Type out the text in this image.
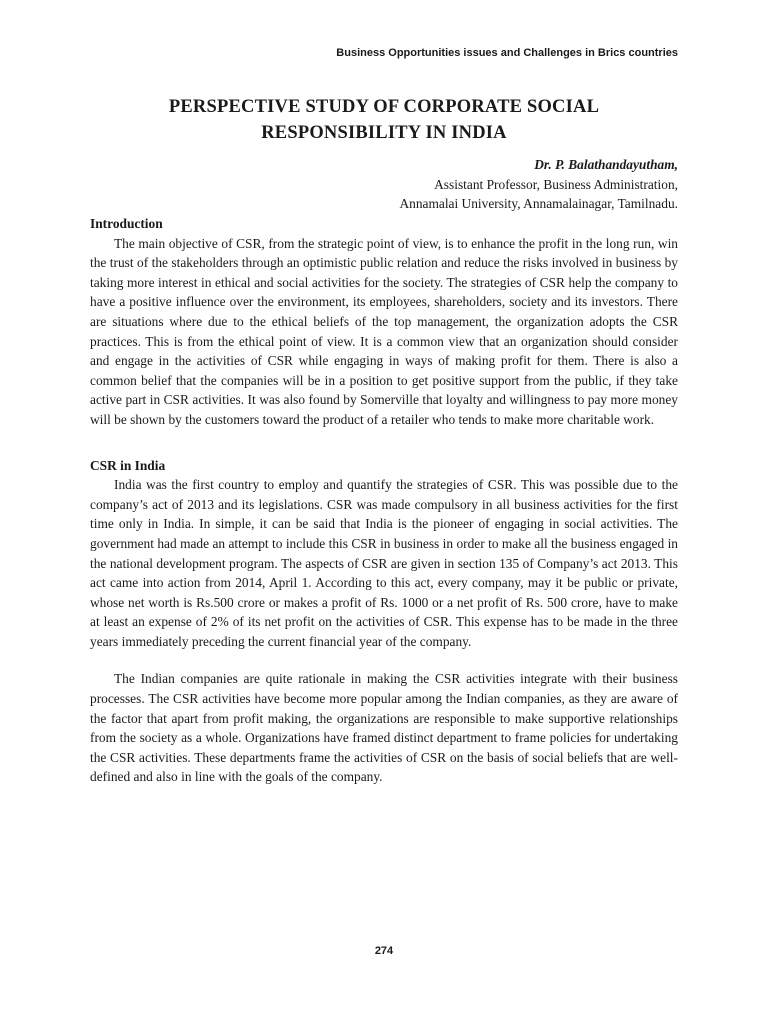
Business Opportunities issues and Challenges in Brics countries
PERSPECTIVE STUDY OF CORPORATE SOCIAL
RESPONSIBILITY IN INDIA
Dr. P. Balathandayutham,
Assistant Professor, Business Administration,
Annamalai University, Annamalainagar, Tamilnadu.
Introduction

The main objective of CSR, from the strategic point of view, is to enhance the profit in the long run, win the trust of the stakeholders through an optimistic public relation and reduce the risks involved in business by taking more interest in ethical and social activities for the society. The strategies of CSR help the company to have a positive influence over the environment, its employees, shareholders, society and its investors. There are situations where due to the ethical beliefs of the top management, the organization adopts the CSR practices. This is from the ethical point of view. It is a common view that an organization should consider and engage in the activities of CSR while engaging in ways of making profit for them. There is also a common belief that the companies will be in a position to get positive support from the public, if they take active part in CSR activities. It was also found by Somerville that loyalty and willingness to pay more money will be shown by the customers toward the product of a retailer who tends to make more charitable work.

CSR in India

India was the first country to employ and quantify the strategies of CSR. This was possible due to the company’s act of 2013 and its legislations. CSR was made compulsory in all business activities for the first time only in India. In simple, it can be said that India is the pioneer of engaging in social activities. The government had made an attempt to include this CSR in business in order to make all the business engaged in the national development program. The aspects of CSR are given in section 135 of Company’s act 2013. This act came into action from 2014, April 1. According to this act, every company, may it be public or private, whose net worth is Rs.500 crore or makes a profit of Rs. 1000 or a net profit of Rs. 500 crore, have to make at least an expense of 2% of its net profit on the activities of CSR. This expense has to be made in the three years immediately preceding the current financial year of the company.

The Indian companies are quite rationale in making the CSR activities integrate with their business processes. The CSR activities have become more popular among the Indian companies, as they are aware of the factor that apart from profit making, the organizations are responsible to make supportive relationships from the society as a whole. Organizations have framed distinct department to frame policies for undertaking the CSR activities. These departments frame the activities of CSR on the basis of social beliefs that are well-defined and also in line with the goals of the company.

274
